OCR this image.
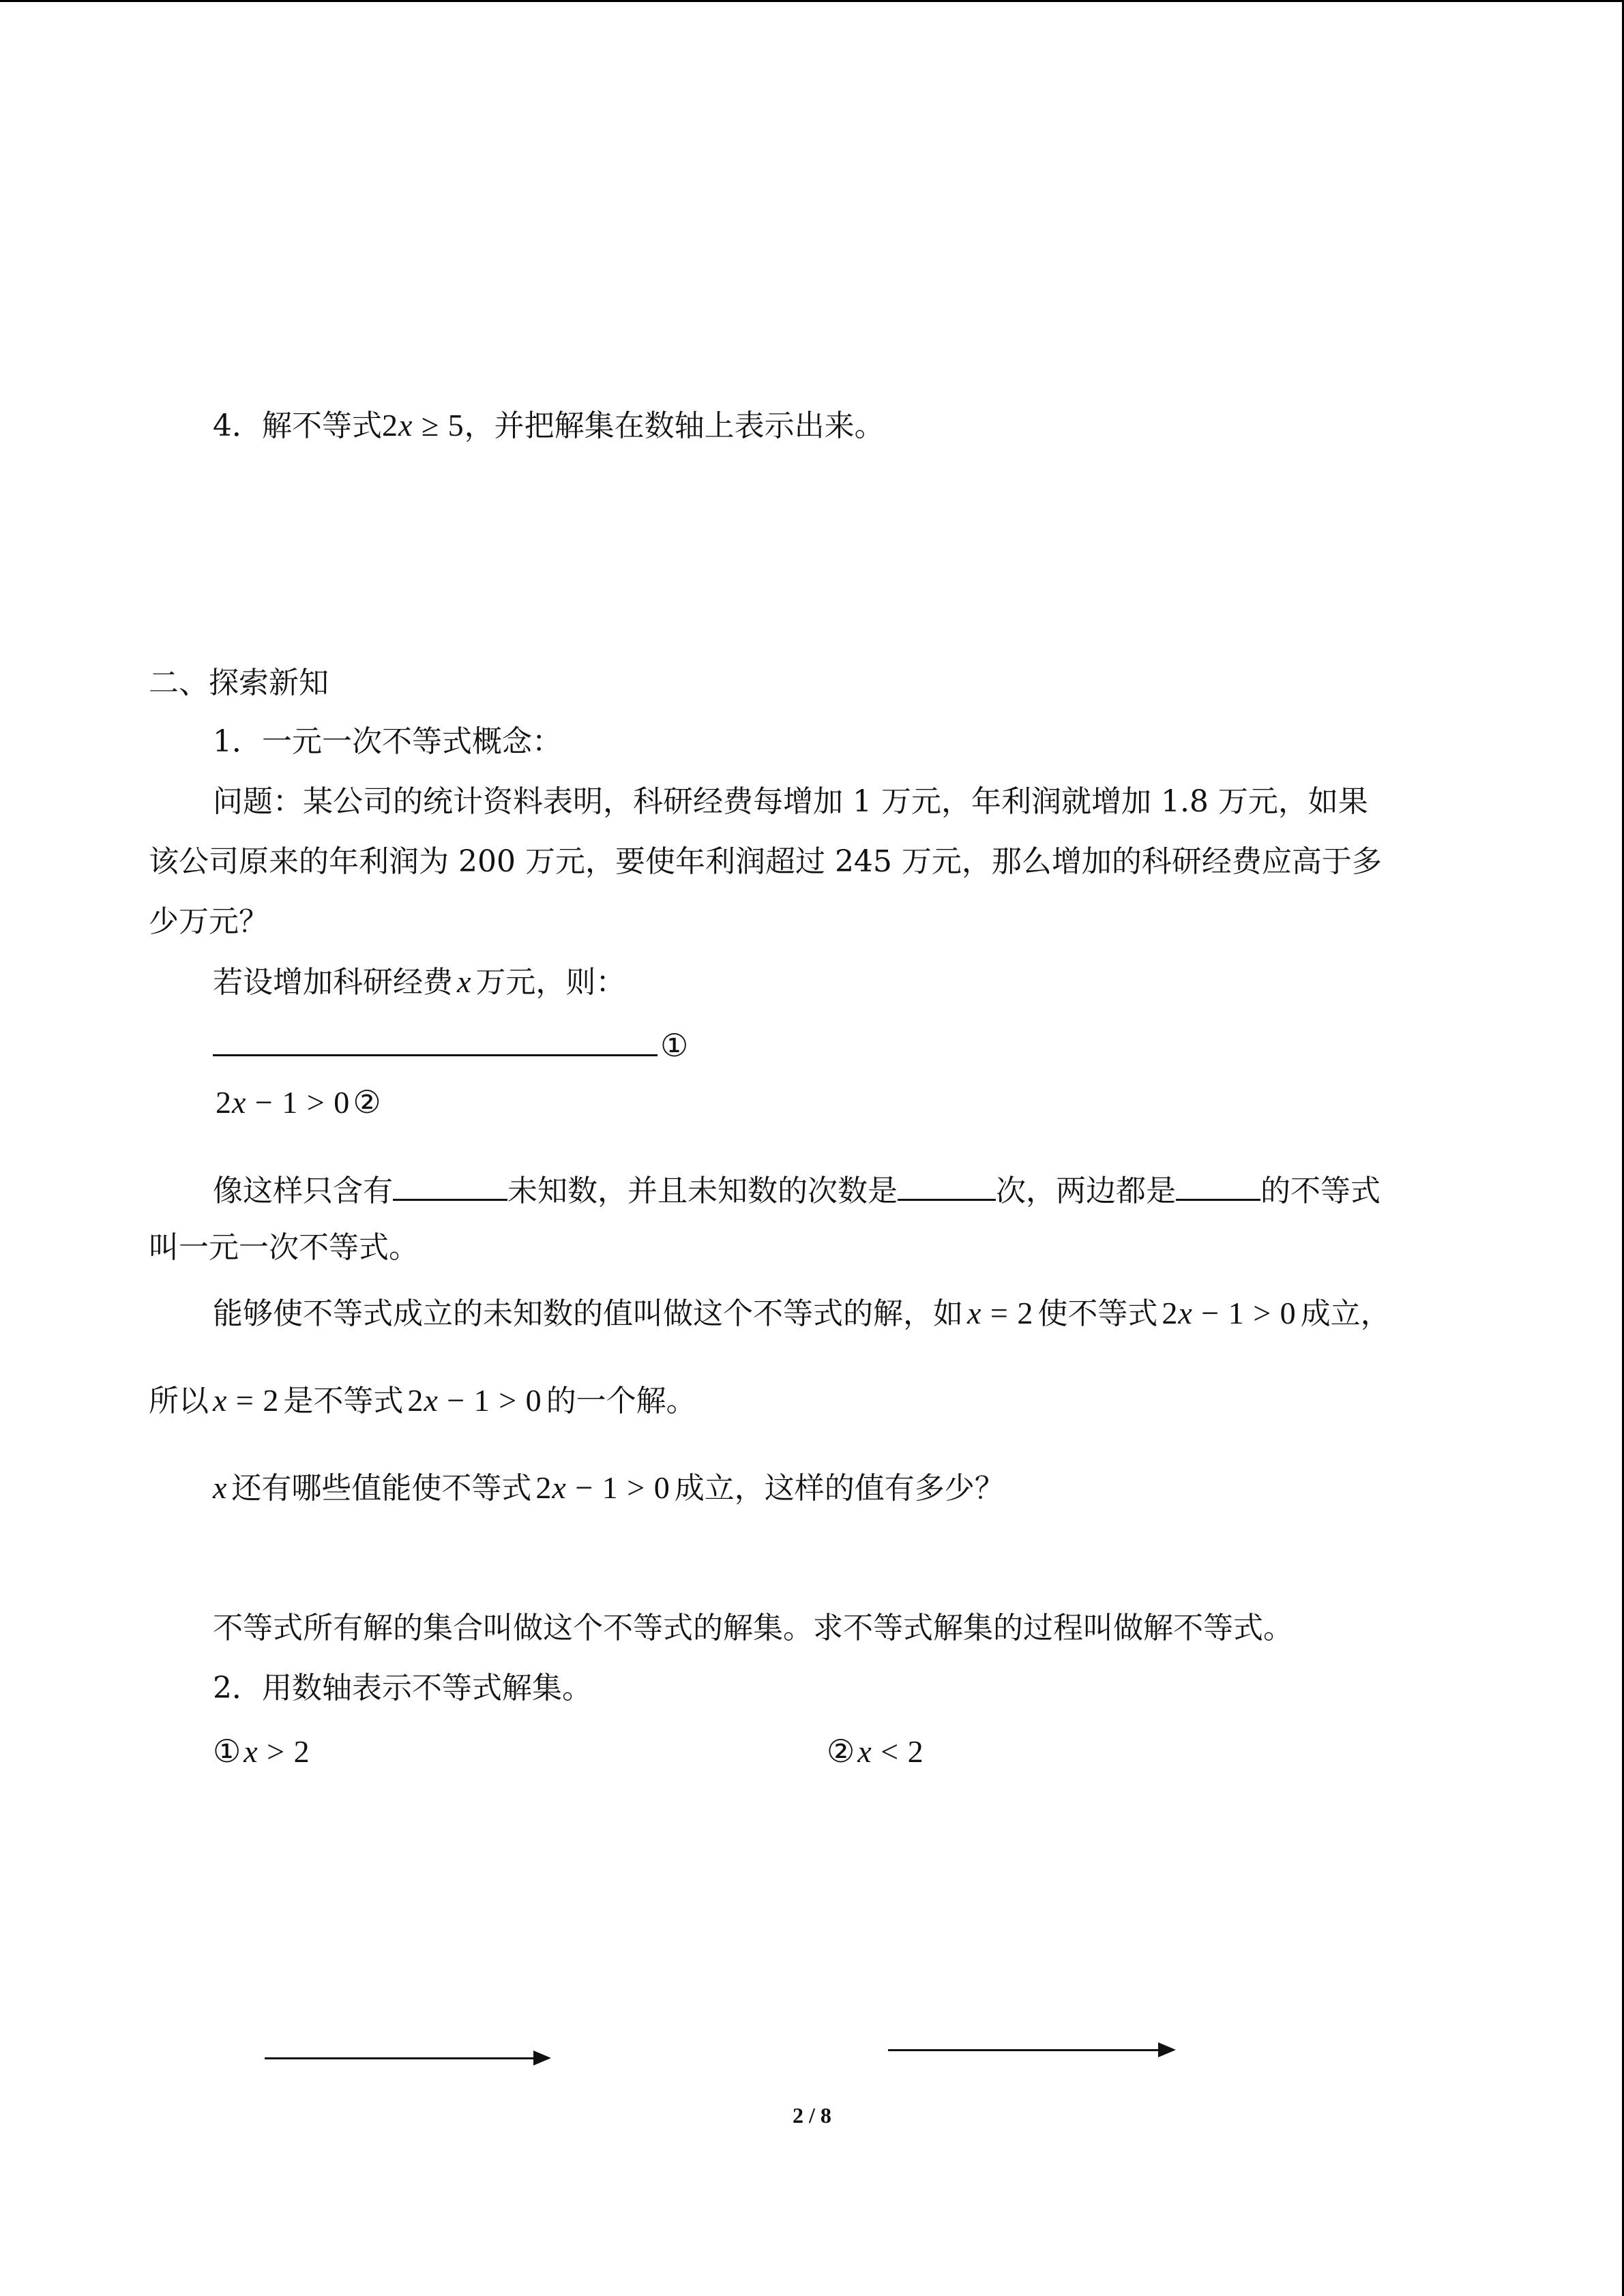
4．解不等式2x ≥ 5，并把解集在数轴上表示出来。
二、探索新知
1．一元一次不等式概念：
问题：某公司的统计资料表明，科研经费每增加 1 万元，年利润就增加 1.8 万元，如果
该公司原来的年利润为 200 万元，要使年利润超过 245 万元，那么增加的科研经费应高于多
少万元？
若设增加科研经费 x 万元，则：
①
2x − 1 > 0②
像这样只含有	未知数，并且未知数的次数是	次，两边都是	的不等式
叫一元一次不等式。
能够使不等式成立的未知数的值叫做这个不等式的解，如 x = 2 使不等式 2x − 1 > 0 成立，
所以 x = 2 是不等式 2x − 1 > 0 的一个解。
x 还有哪些值能使不等式 2x − 1 > 0 成立，这样的值有多少？
不等式所有解的集合叫做这个不等式的解集。求不等式解集的过程叫做解不等式。
2．用数轴表示不等式解集。
①x > 2	②x < 2
2 / 8
